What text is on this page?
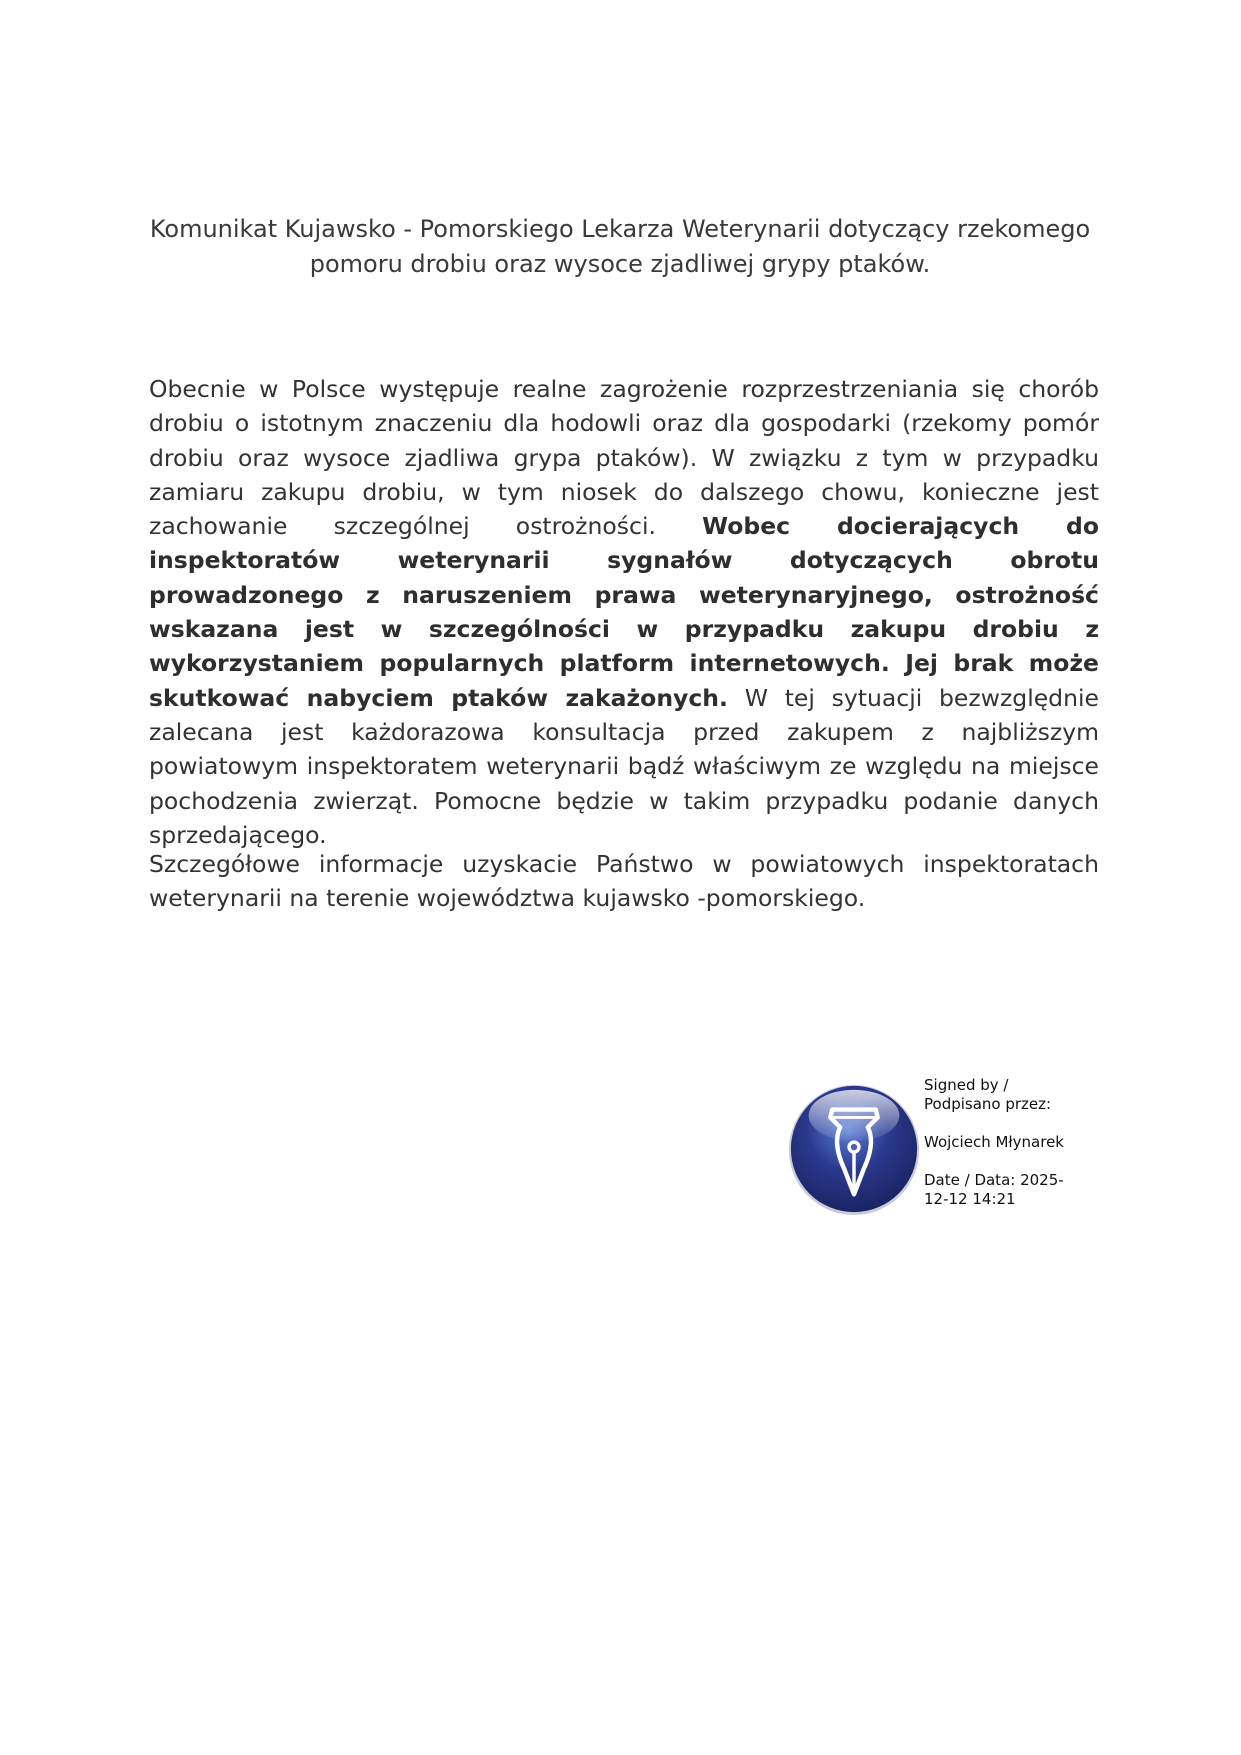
Komunikat Kujawsko - Pomorskiego Lekarza Weterynarii dotyczący rzekomego pomoru drobiu oraz wysoce zjadliwej grypy ptaków.

Obecnie w Polsce występuje realne zagrożenie rozprzestrzeniania się chorób drobiu o istotnym znaczeniu dla hodowli oraz dla gospodarki (rzekomy pomór drobiu oraz wysoce zjadliwa grypa ptaków). W związku z tym w przypadku zamiaru zakupu drobiu, w tym niosek do dalszego chowu, konieczne jest zachowanie szczególnej ostrożności. Wobec docierających do inspektoratów weterynarii sygnałów dotyczących obrotu prowadzonego z naruszeniem prawa weterynaryjnego, ostrożność wskazana jest w szczególności w przypadku zakupu drobiu z wykorzystaniem popularnych platform internetowych. Jej brak może skutkować nabyciem ptaków zakażonych. W tej sytuacji bezwzględnie zalecana jest każdorazowa konsultacja przed zakupem z najbliższym powiatowym inspektoratem weterynarii bądź właściwym ze względu na miejsce pochodzenia zwierząt. Pomocne będzie w takim przypadku podanie danych sprzedającego.

Szczegółowe informacje uzyskacie Państwo w powiatowych inspektoratach weterynarii na terenie województwa kujawsko -pomorskiego.

Signed by /
Podpisano przez:
Wojciech Młynarek
Date / Data: 2025-
12-12 14:21
